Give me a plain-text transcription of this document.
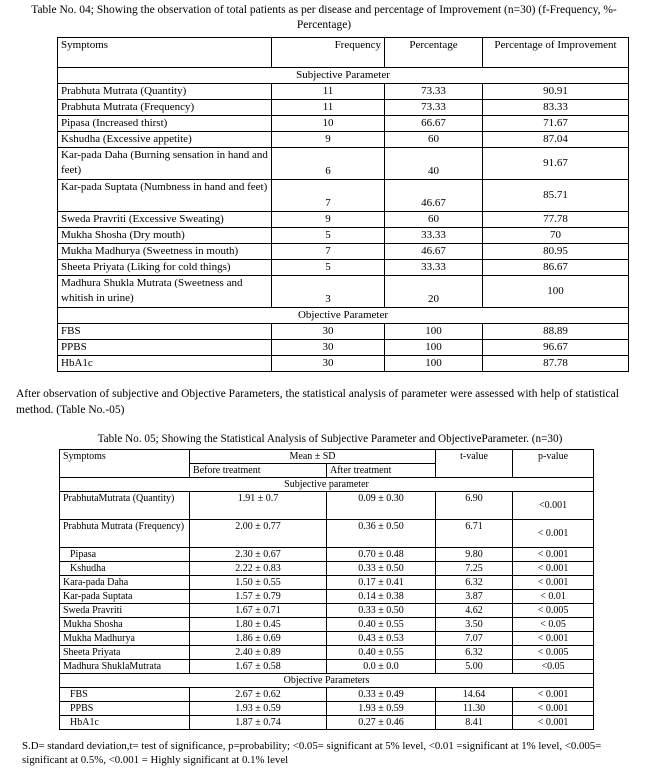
Table No. 04; Showing the observation of total patients as per disease and percentage of Improvement (n=30) (f-Frequency, %-Percentage)
Symptoms	Frequency	Percentage	Percentage of Improvement
Subjective Parameter			
Prabhuta Mutrata (Quantity)	11	73.33	90.91
Prabhuta Mutrata (Frequency)	11	73.33	83.33
Pipasa (Increased thirst)	10	66.67	71.67
Kshudha (Excessive appetite)	9	60	87.04
Kar-pada Daha (Burning sensation in hand and feet)	6	40	91.67
Kar-pada Suptata (Numbness in hand and feet)	7	46.67	85.71
Sweda Pravriti (Excessive Sweating)	9	60	77.78
Mukha Shosha (Dry mouth)	5	33.33	70
Mukha Madhurya (Sweetness in mouth)	7	46.67	80.95
Sheeta Priyata (Liking for cold things)	5	33.33	86.67
Madhura Shukla Mutrata (Sweetness and whitish in urine)	3	20	100
Objective Parameter			
FBS	30	100	88.89
PPBS	30	100	96.67
HbA1c	30	100	87.78
After observation of subjective and Objective Parameters, the statistical analysis of parameter were assessed with help of statistical method. (Table No.-05)
Table No. 05; Showing the Statistical Analysis of Subjective Parameter and ObjectiveParameter. (n=30)
Symptoms	Mean ± SD		t-value	p-value
	Before treatment	After treatment		
Subjective parameter				
PrabhutaMutrata (Quantity)	1.91 ± 0.7	0.09 ± 0.30	6.90	<0.001
Prabhuta Mutrata (Frequency)	2.00 ± 0.77	0.36 ± 0.50	6.71	< 0.001
Pipasa	2.30 ± 0.67	0.70 ± 0.48	9.80	< 0.001
Kshudha	2.22 ± 0.83	0.33 ± 0.50	7.25	< 0.001
Kara-pada Daha	1.50 ± 0.55	0.17 ± 0.41	6.32	< 0.001
Kar-pada Suptata	1.57 ± 0.79	0.14 ± 0.38	3.87	< 0.01
Sweda Pravriti	1.67 ± 0.71	0.33 ± 0.50	4.62	< 0.005
Mukha Shosha	1.80 ± 0.45	0.40 ± 0.55	3.50	< 0.05
Mukha Madhurya	1.86 ± 0.69	0.43 ± 0.53	7.07	< 0.001
Sheeta Priyata	2.40 ± 0.89	0.40 ± 0.55	6.32	< 0.005
Madhura ShuklaMutrata	1.67 ± 0.58	0.0 ± 0.0	5.00	<0.05
Objective Parameters				
FBS	2.67 ± 0.62	0.33 ± 0.49	14.64	< 0.001
PPBS	1.93 ± 0.59	1.93 ± 0.59	11.30	< 0.001
HbA1c	1.87 ± 0.74	0.27 ± 0.46	8.41	< 0.001
S.D= standard deviation,t= test of significance, p=probability; <0.05= significant at 5% level, <0.01 =significant at 1% level, <0.005= significant at 0.5%, <0.001 = Highly significant at 0.1% level
